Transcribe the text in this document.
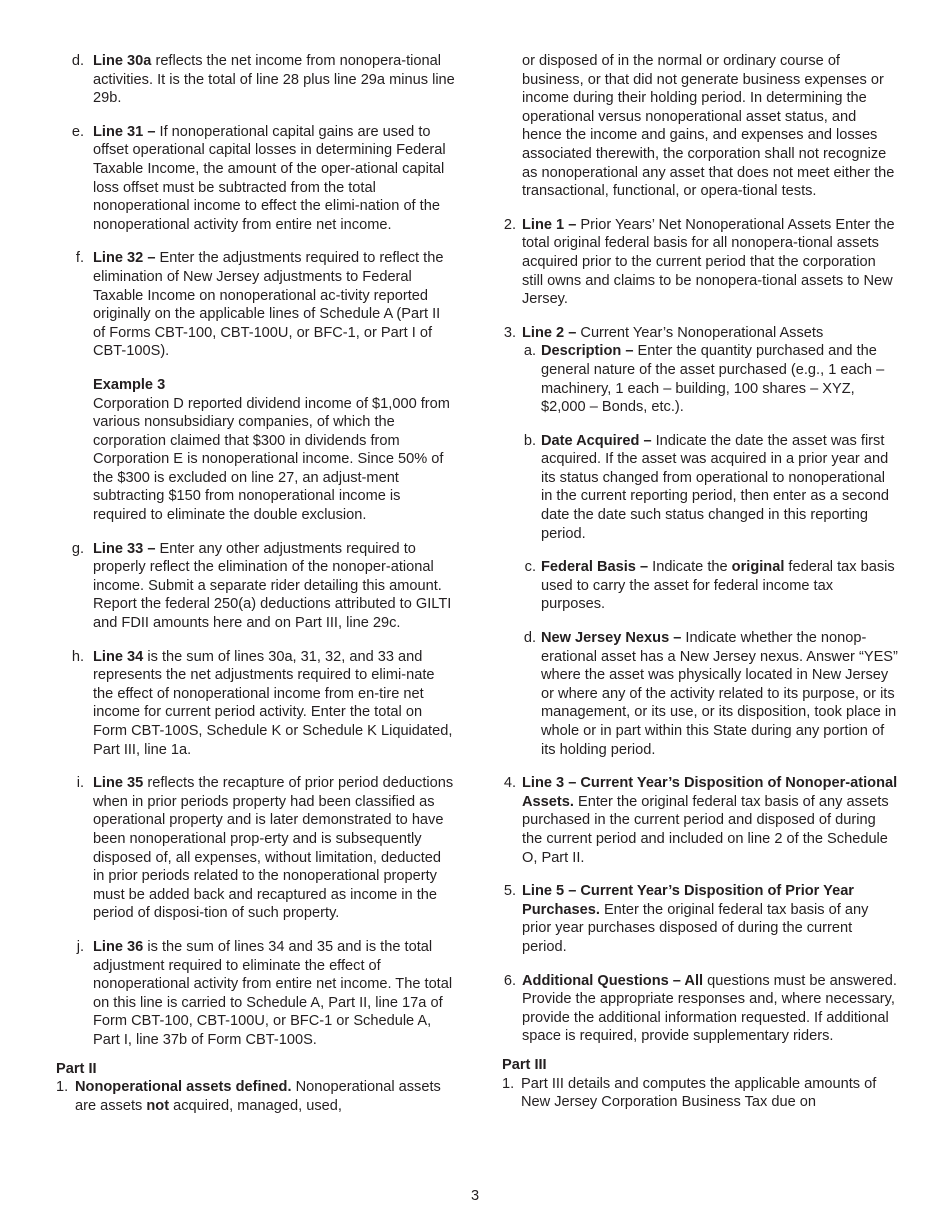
d. Line 30a reflects the net income from nonopera-tional activities. It is the total of line 28 plus line 29a minus line 29b.

e. Line 31 – If nonoperational capital gains are used to offset operational capital losses in determining Federal Taxable Income, the amount of the oper-ational capital loss offset must be subtracted from the total nonoperational income to effect the elimi-nation of the nonoperational activity from entire net income.

f. Line 32 – Enter the adjustments required to reflect the elimination of New Jersey adjustments to Federal Taxable Income on nonoperational ac-tivity reported originally on the applicable lines of Schedule A (Part II of Forms CBT-100, CBT-100U, or BFC-1, or Part I of CBT-100S).

Example 3

Corporation D reported dividend income of $1,000 from various nonsubsidiary companies, of which the corporation claimed that $300 in dividends from Corporation E is nonoperational income. Since 50% of the $300 is excluded on line 27, an adjust-ment subtracting $150 from nonoperational income is required to eliminate the double exclusion.

g. Line 33 – Enter any other adjustments required to properly reflect the elimination of the nonoper-ational income. Submit a separate rider detailing this amount. Report the federal 250(a) deductions attributed to GILTI and FDII amounts here and on Part III, line 29c.

h. Line 34 is the sum of lines 30a, 31, 32, and 33 and represents the net adjustments required to elimi-nate the effect of nonoperational income from en-tire net income for current period activity. Enter the total on Form CBT-100S, Schedule K or Schedule K Liquidated, Part III, line 1a.

i. Line 35 reflects the recapture of prior period deductions when in prior periods property had been classified as operational property and is later demonstrated to have been nonoperational prop-erty and is subsequently disposed of, all expenses, without limitation, deducted in prior periods related to the nonoperational property must be added back and recaptured as income in the period of disposi-tion of such property.

j. Line 36 is the sum of lines 34 and 35 and is the total adjustment required to eliminate the effect of nonoperational activity from entire net income. The total on this line is carried to Schedule A, Part II, line 17a of Form CBT-100, CBT-100U, or BFC-1 or Schedule A, Part I, line 37b of Form CBT-100S.

Part II

1. Nonoperational assets defined. Nonoperational assets are assets not acquired, managed, used,

or disposed of in the normal or ordinary course of business, or that did not generate business expenses or income during their holding period. In determining the operational versus nonoperational asset status, and hence the income and gains, and expenses and losses associated therewith, the corporation shall not recognize as nonoperational any asset that does not meet either the transactional, functional, or opera-tional tests.

2. Line 1 – Prior Years’ Net Nonoperational Assets Enter the total original federal basis for all nonopera-tional assets acquired prior to the current period that the corporation still owns and claims to be nonopera-tional assets to New Jersey.

3. Line 2 – Current Year’s Nonoperational Assets

a. Description – Enter the quantity purchased and the general nature of the asset purchased (e.g., 1 each – machinery, 1 each – building, 100 shares – XYZ, $2,000 – Bonds, etc.).

b. Date Acquired – Indicate the date the asset was first acquired. If the asset was acquired in a prior year and its status changed from operational to nonoperational in the current reporting period, then enter as a second date the date such status changed in this reporting period.

c. Federal Basis – Indicate the original federal tax basis used to carry the asset for federal income tax purposes.

d. New Jersey Nexus – Indicate whether the nonop-erational asset has a New Jersey nexus. Answer “YES” where the asset was physically located in New Jersey or where any of the activity related to its purpose, or its management, or its use, or its disposition, took place in whole or in part within this State during any portion of its holding period.

4. Line 3 – Current Year’s Disposition of Nonoper-ational Assets. Enter the original federal tax basis of any assets purchased in the current period and disposed of during the current period and included on line 2 of the Schedule O, Part II.

5. Line 5 – Current Year’s Disposition of Prior Year Purchases. Enter the original federal tax basis of any prior year purchases disposed of during the current period.

6. Additional Questions – All questions must be answered. Provide the appropriate responses and, where necessary, provide the additional information requested. If additional space is required, provide supplementary riders.

Part III

1. Part III details and computes the applicable amounts of New Jersey Corporation Business Tax due on

3
